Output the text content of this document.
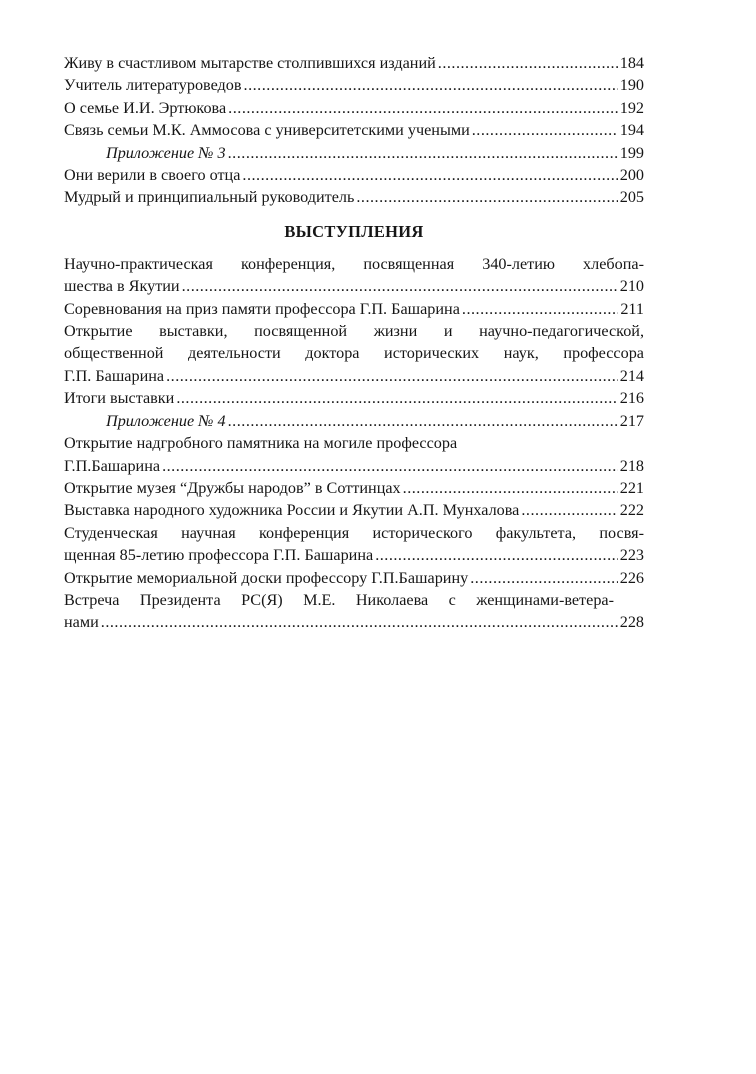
Живу в счастливом мытарстве столпившихся изданий .....	184
Учитель литературоведов .....	190
О семье И.И. Эртюкова .....	192
Связь семьи М.К. Аммосова с университетскими учеными .....	194
Приложение № 3 .....	199
Они верили в своего отца .....	200
Мудрый и принципиальный руководитель .....	205
ВЫСТУПЛЕНИЯ
Научно-практическая конференция, посвященная 340-летию хлебопа-
шества в Якутии .....	210
Соревнования на приз памяти профессора Г.П. Башарина .....	211
Открытие выставки, посвященной жизни и научно-педагогической,
общественной деятельности доктора исторических наук, профессора
Г.П. Башарина .....	214
Итоги выставки .....	216
Приложение № 4 .....	217
Открытие надгробного памятника на могиле профессора
Г.П.Башарина .....	218
Открытие музея “Дружбы народов” в Соттинцах .....	221
Выставка народного художника России и Якутии А.П. Мунхалова .....	222
Студенческая научная конференция исторического факультета, посвя-
щенная 85-летию профессора Г.П. Башарина .....	223
Открытие мемориальной доски профессору Г.П.Башарину .....	226
Встреча Президента РС(Я) М.Е. Николаева с женщинами-ветера-
нами .....	228
